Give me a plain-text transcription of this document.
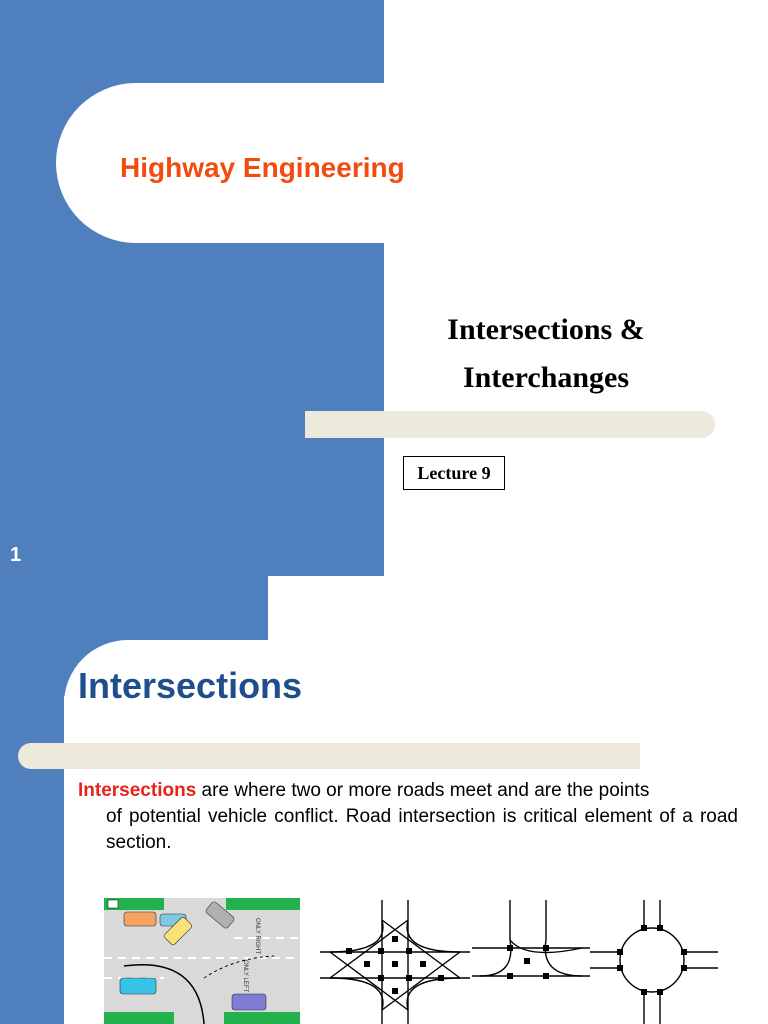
Highway Engineering
Intersections &
Interchanges
Lecture 9
1
Intersections
Intersections are where two or more roads meet and are the points
of potential vehicle conflict. Road intersection is critical element of a road section.
ONLY RIGHT
ONLY LEFT
